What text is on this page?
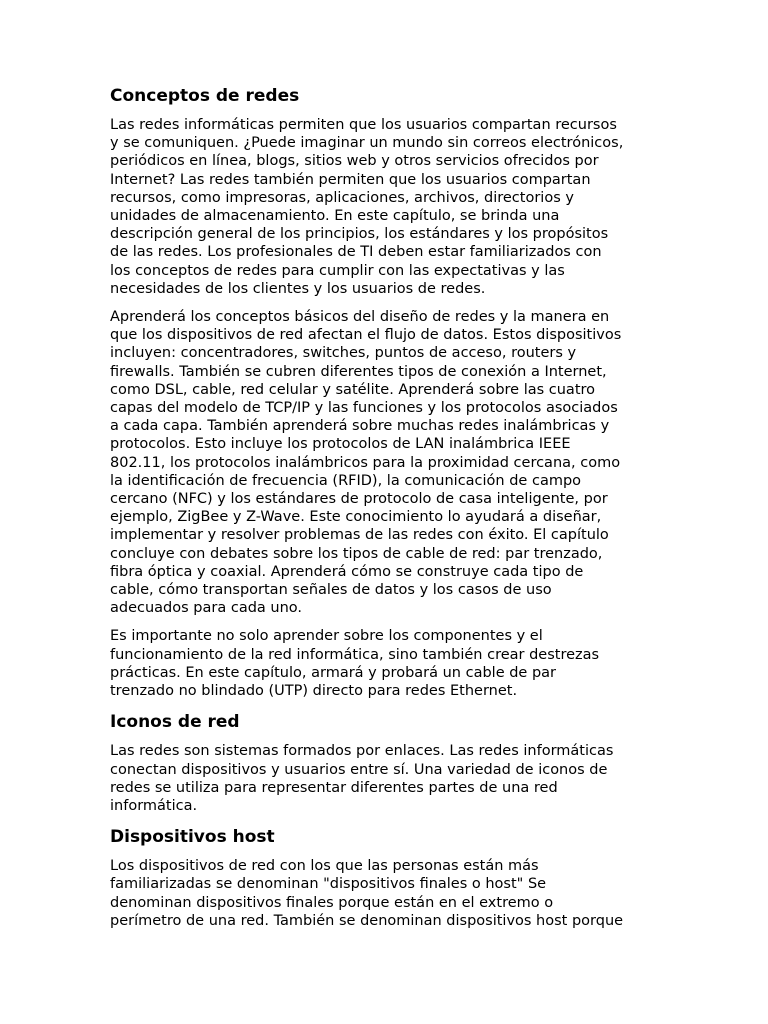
Conceptos de redes

Las redes informáticas permiten que los usuarios compartan recursos
y se comuniquen. ¿Puede imaginar un mundo sin correos electrónicos,
periódicos en línea, blogs, sitios web y otros servicios ofrecidos por
Internet? Las redes también permiten que los usuarios compartan
recursos, como impresoras, aplicaciones, archivos, directorios y
unidades de almacenamiento. En este capítulo, se brinda una
descripción general de los principios, los estándares y los propósitos
de las redes. Los profesionales de TI deben estar familiarizados con
los conceptos de redes para cumplir con las expectativas y las
necesidades de los clientes y los usuarios de redes.

Aprenderá los conceptos básicos del diseño de redes y la manera en
que los dispositivos de red afectan el flujo de datos. Estos dispositivos
incluyen: concentradores, switches, puntos de acceso, routers y
firewalls. También se cubren diferentes tipos de conexión a Internet,
como DSL, cable, red celular y satélite. Aprenderá sobre las cuatro
capas del modelo de TCP/IP y las funciones y los protocolos asociados
a cada capa. También aprenderá sobre muchas redes inalámbricas y
protocolos. Esto incluye los protocolos de LAN inalámbrica IEEE
802.11, los protocolos inalámbricos para la proximidad cercana, como
la identificación de frecuencia (RFID), la comunicación de campo
cercano (NFC) y los estándares de protocolo de casa inteligente, por
ejemplo, ZigBee y Z-Wave. Este conocimiento lo ayudará a diseñar,
implementar y resolver problemas de las redes con éxito. El capítulo
concluye con debates sobre los tipos de cable de red: par trenzado,
fibra óptica y coaxial. Aprenderá cómo se construye cada tipo de
cable, cómo transportan señales de datos y los casos de uso
adecuados para cada uno.

Es importante no solo aprender sobre los componentes y el
funcionamiento de la red informática, sino también crear destrezas
prácticas. En este capítulo, armará y probará un cable de par
trenzado no blindado (UTP) directo para redes Ethernet.

Iconos de red

Las redes son sistemas formados por enlaces. Las redes informáticas
conectan dispositivos y usuarios entre sí. Una variedad de iconos de
redes se utiliza para representar diferentes partes de una red
informática.

Dispositivos host

Los dispositivos de red con los que las personas están más
familiarizadas se denominan "dispositivos finales o host" Se
denominan dispositivos finales porque están en el extremo o
perímetro de una red. También se denominan dispositivos host porque
